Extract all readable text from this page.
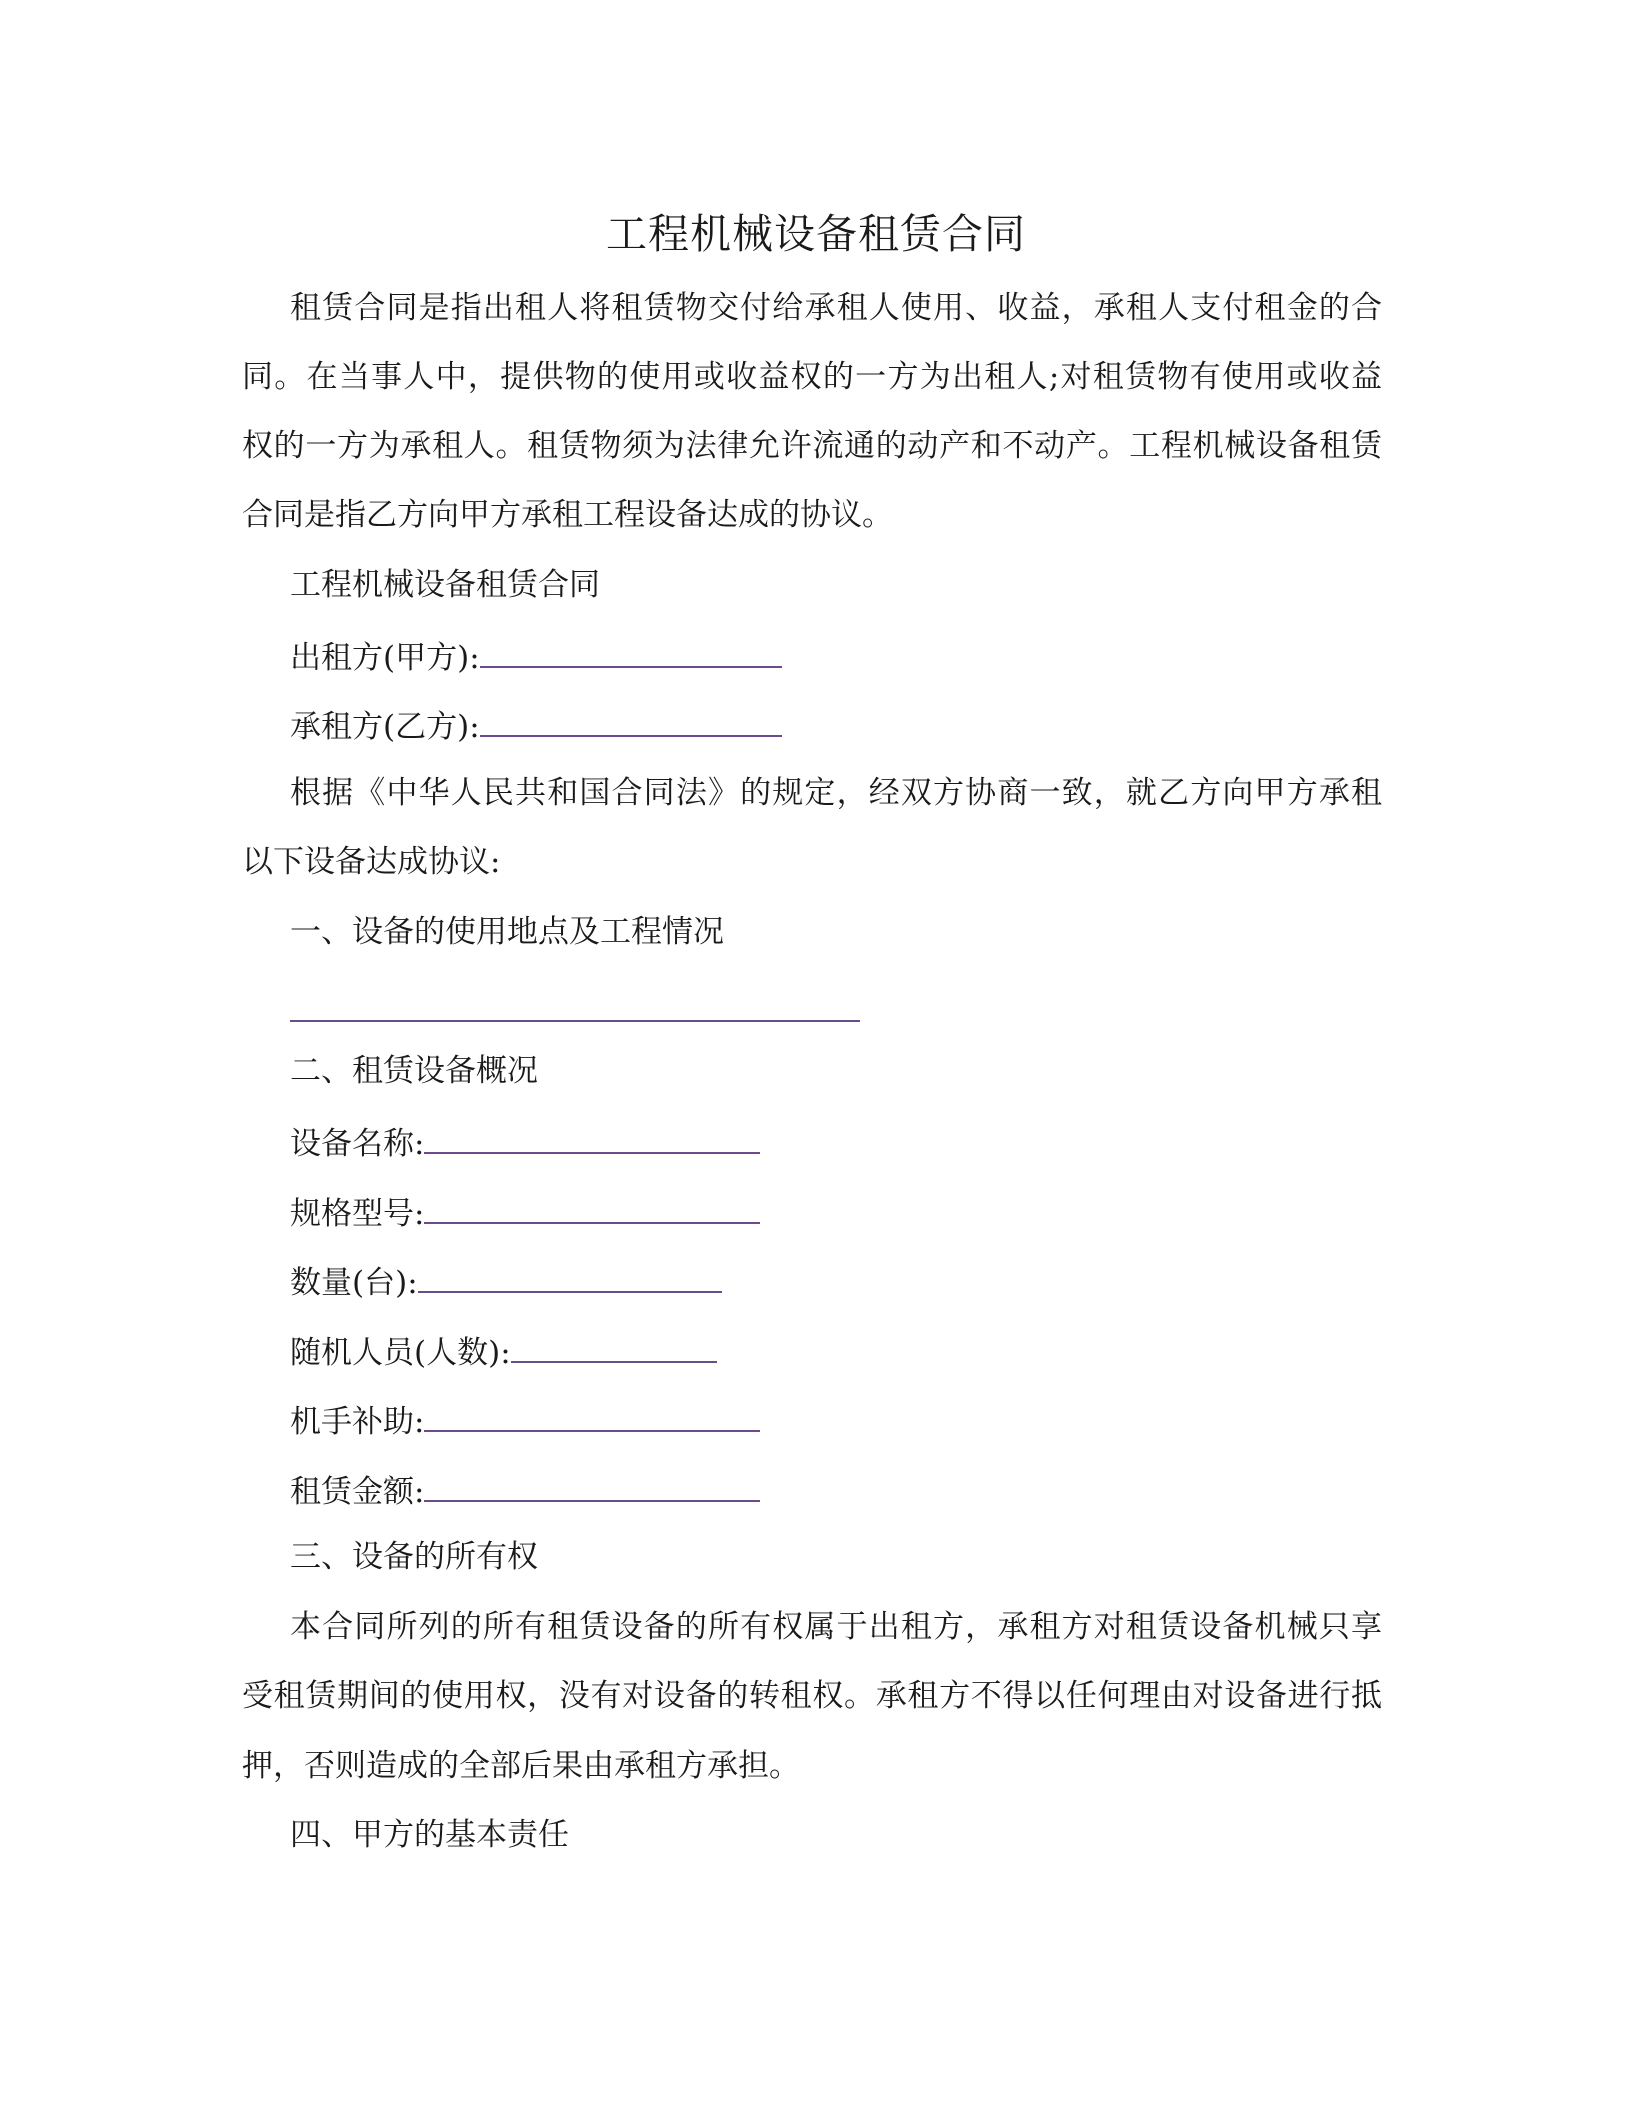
工程机械设备租赁合同
租赁合同是指出租人将租赁物交付给承租人使用、收益，承租人支付租金的合
同。在当事人中，提供物的使用或收益权的一方为出租人;对租赁物有使用或收益
权的一方为承租人。租赁物须为法律允许流通的动产和不动产。工程机械设备租赁
合同是指乙方向甲方承租工程设备达成的协议。
工程机械设备租赁合同
出租方(甲方):
承租方(乙方):
根据《中华人民共和国合同法》的规定，经双方协商一致，就乙方向甲方承租
以下设备达成协议:
一、设备的使用地点及工程情况
二、租赁设备概况
设备名称:
规格型号:
数量(台):
随机人员(人数):
机手补助:
租赁金额:
三、设备的所有权
本合同所列的所有租赁设备的所有权属于出租方，承租方对租赁设备机械只享
受租赁期间的使用权，没有对设备的转租权。承租方不得以任何理由对设备进行抵
押，否则造成的全部后果由承租方承担。
四、甲方的基本责任
